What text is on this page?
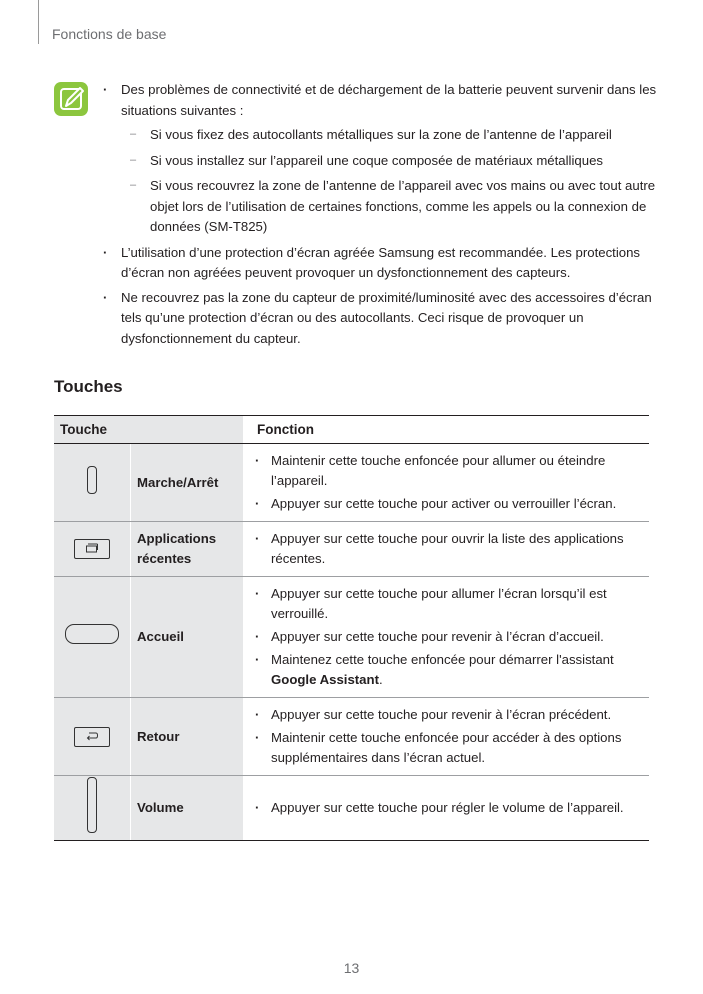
Fonctions de base
· Des problèmes de connectivité et de déchargement de la batterie peuvent survenir dans les situations suivantes :
– Si vous fixez des autocollants métalliques sur la zone de l’antenne de l’appareil
– Si vous installez sur l’appareil une coque composée de matériaux métalliques
– Si vous recouvrez la zone de l’antenne de l’appareil avec vos mains ou avec tout autre objet lors de l’utilisation de certaines fonctions, comme les appels ou la connexion de données (SM-T825)
· L’utilisation d’une protection d’écran agréée Samsung est recommandée. Les protections d’écran non agréées peuvent provoquer un dysfonctionnement des capteurs.
· Ne recouvrez pas la zone du capteur de proximité/luminosité avec des accessoires d’écran tels qu’une protection d’écran ou des autocollants. Ceci risque de provoquer un dysfonctionnement du capteur.
Touches
Touche		Fonction
	Marche/Arrêt	· Maintenir cette touche enfoncée pour allumer ou éteindre l’appareil.
· Appuyer sur cette touche pour activer ou verrouiller l’écran.

	Applications récentes	· Appuyer sur cette touche pour ouvrir la liste des applications récentes.

	Accueil	· Appuyer sur cette touche pour allumer l’écran lorsqu’il est verrouillé.
· Appuyer sur cette touche pour revenir à l’écran d’accueil.
· Maintenez cette touche enfoncée pour démarrer l'assistant Google Assistant.

	Retour	· Appuyer sur cette touche pour revenir à l’écran précédent.
· Maintenir cette touche enfoncée pour accéder à des options supplémentaires dans l’écran actuel.

	Volume	· Appuyer sur cette touche pour régler le volume de l’appareil.
13
